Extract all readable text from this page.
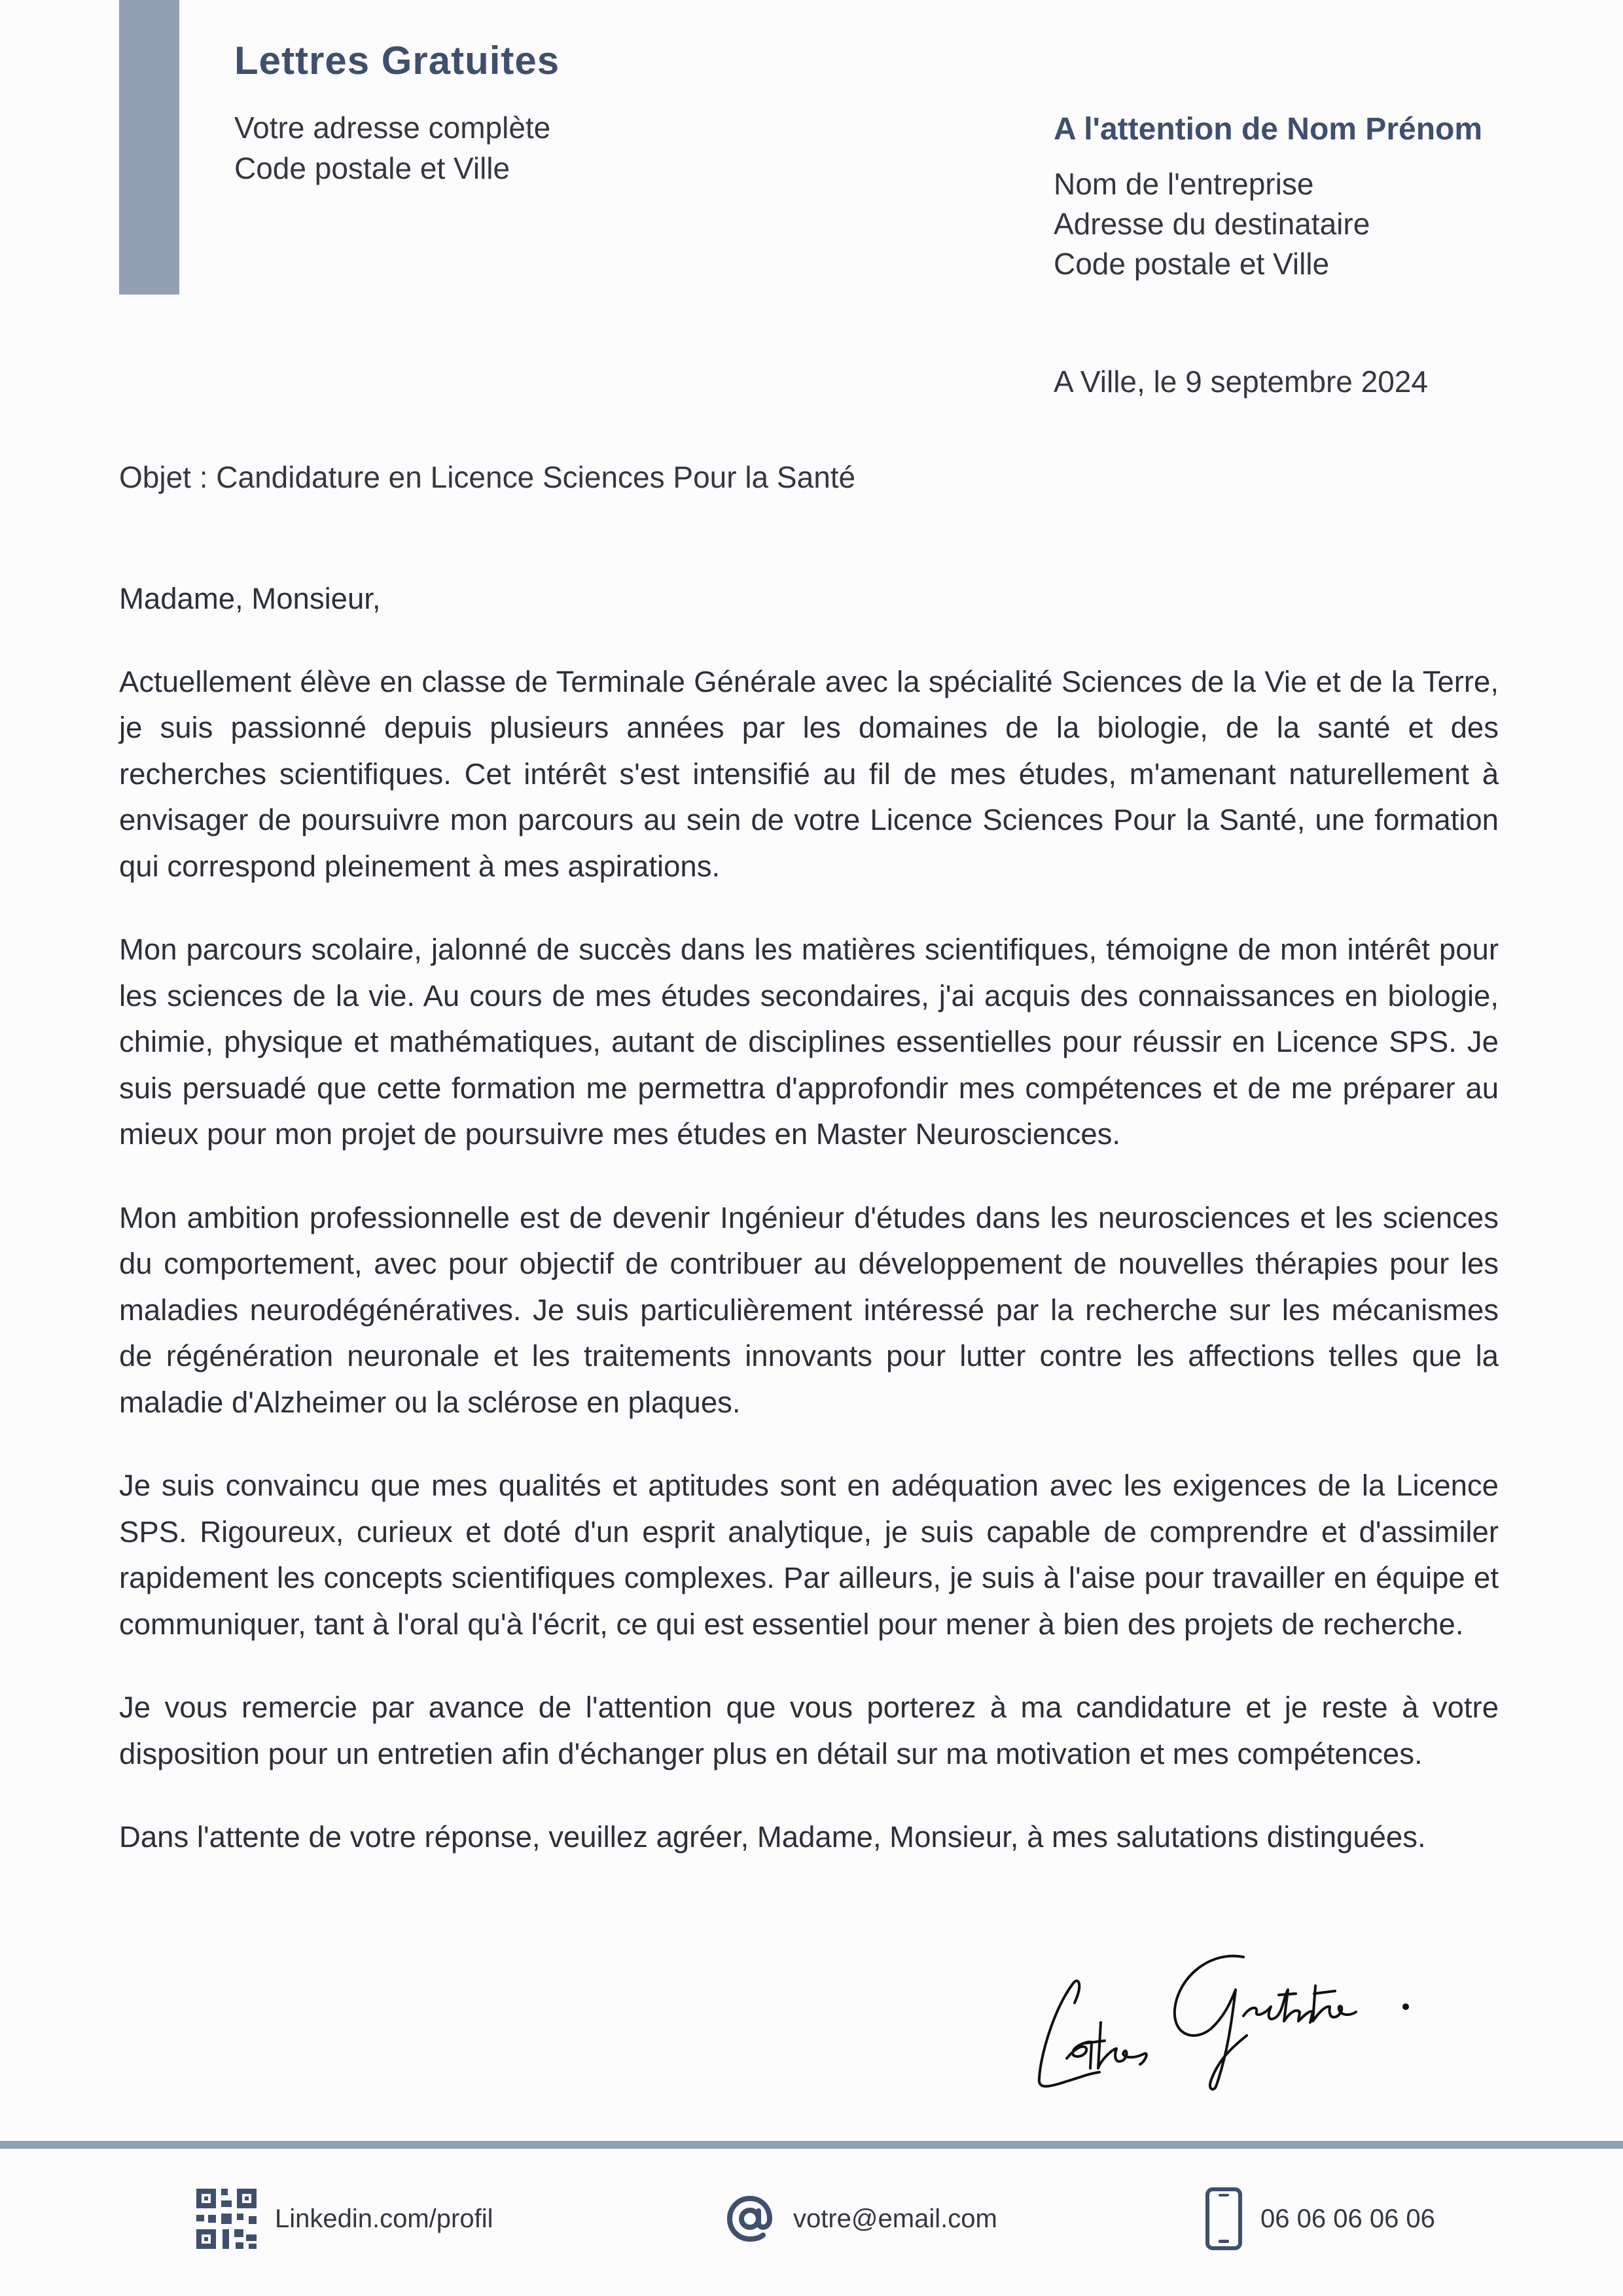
Lettres Gratuites
Votre adresse complète
Code postale et Ville
A l'attention de Nom Prénom
Nom de l'entreprise
Adresse du destinataire
Code postale et Ville
A Ville, le 9 septembre 2024
Objet : Candidature en Licence Sciences Pour la Santé

Madame, Monsieur,

Actuellement élève en classe de Terminale Générale avec la spécialité Sciences de la Vie et de la Terre, je suis passionné depuis plusieurs années par les domaines de la biologie, de la santé et des recherches scientifiques. Cet intérêt s'est intensifié au fil de mes études, m'amenant naturellement à envisager de poursuivre mon parcours au sein de votre Licence Sciences Pour la Santé, une formation qui correspond pleinement à mes aspirations.

Mon parcours scolaire, jalonné de succès dans les matières scientifiques, témoigne de mon intérêt pour les sciences de la vie. Au cours de mes études secondaires, j'ai acquis des connaissances en biologie, chimie, physique et mathématiques, autant de disciplines essentielles pour réussir en Licence SPS. Je suis persuadé que cette formation me permettra d'approfondir mes compétences et de me préparer au mieux pour mon projet de poursuivre mes études en Master Neurosciences.

Mon ambition professionnelle est de devenir Ingénieur d'études dans les neurosciences et les sciences du comportement, avec pour objectif de contribuer au développement de nouvelles thérapies pour les maladies neurodégénératives. Je suis particulièrement intéressé par la recherche sur les mécanismes de régénération neuronale et les traitements innovants pour lutter contre les affections telles que la maladie d'Alzheimer ou la sclérose en plaques.

Je suis convaincu que mes qualités et aptitudes sont en adéquation avec les exigences de la Licence SPS. Rigoureux, curieux et doté d'un esprit analytique, je suis capable de comprendre et d'assimiler rapidement les concepts scientifiques complexes. Par ailleurs, je suis à l'aise pour travailler en équipe et communiquer, tant à l'oral qu'à l'écrit, ce qui est essentiel pour mener à bien des projets de recherche.

Je vous remercie par avance de l'attention que vous porterez à ma candidature et je reste à votre disposition pour un entretien afin d'échanger plus en détail sur ma motivation et mes compétences.

Dans l'attente de votre réponse, veuillez agréer, Madame, Monsieur, à mes salutations distinguées.

Linkedin.com/profil	votre@email.com	06 06 06 06 06
